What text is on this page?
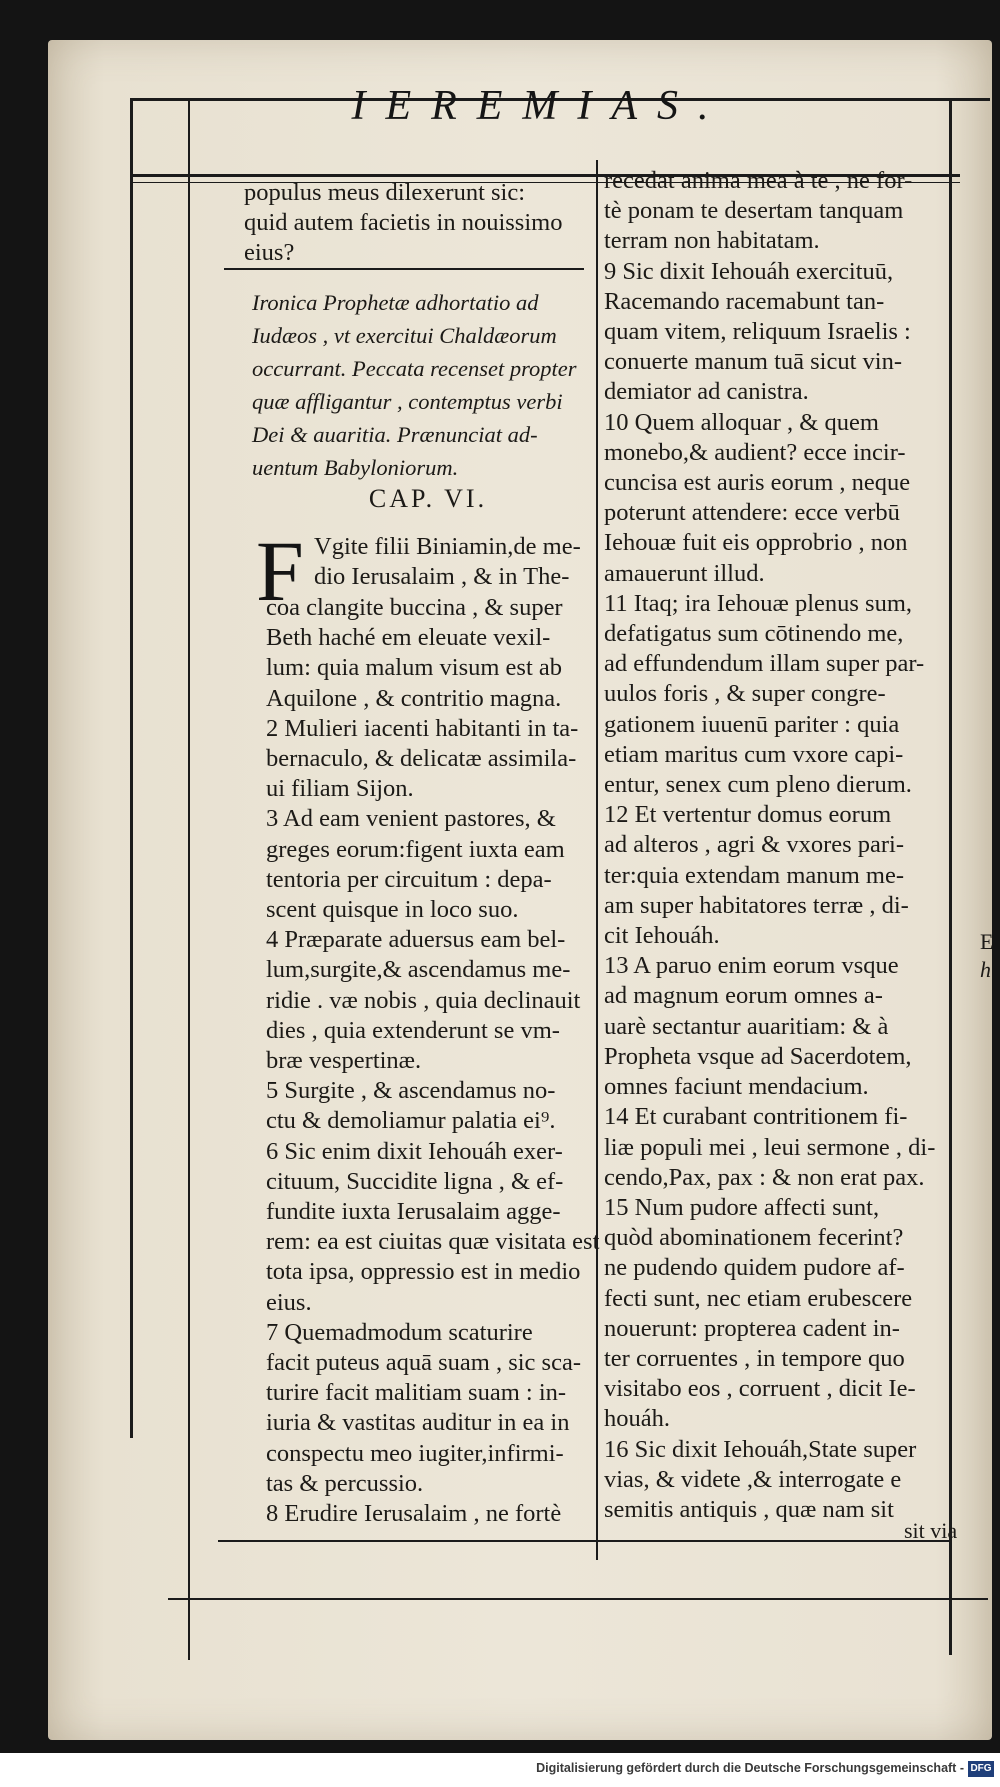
IEREMIAS.
populus meus dilexerunt sic:
quid autem facietis in nouissimo
eius?
Ironica Prophetæ adhortatio ad
Iudæos , vt exercitui Chaldæorum
occurrant. Peccata recenset propter
quæ affligantur , contemptus verbi
Dei & auaritia. Prænunciat ad-
uentum Babyloniorum.
CAP. VI.
F Vgite filii Biniamin,de me-
dio Ierusalaim , & in The-
coa clangite buccina , & super
Beth haché em eleuate vexil-
lum: quia malum visum est ab
Aquilone , & contritio magna.
2 Mulieri iacenti habitanti in ta-
bernaculo, & delicatæ assimila-
ui filiam Sijon.
3 Ad eam venient pastores, &
greges eorum:figent iuxta eam
tentoria per circuitum : depa-
scent quisque in loco suo.
4 Præparate aduersus eam bel-
lum,surgite,& ascendamus me-
ridie . væ nobis , quia declinauit
dies , quia extenderunt se vm-
bræ vespertinæ.
5 Surgite , & ascendamus no-
ctu & demoliamur palatia ei⁹.
6 Sic enim dixit Iehouáh exer-
cituum, Succidite ligna , & ef-
fundite iuxta Ierusalaim agge-
rem: ea est ciuitas quæ visitata est
tota ipsa, oppressio est in medio
eius.
7 Quemadmodum scaturire
facit puteus aquā suam , sic sca-
turire facit malitiam suam : in-
iuria & vastitas auditur in ea in
conspectu meo iugiter,infirmi-
tas & percussio.
8 Erudire Ierusalaim , ne fortè
recedat anima mea à te , ne for-
tè ponam te desertam tanquam
terram non habitatam.
9 Sic dixit Iehouáh exercituū,
Racemando racemabunt tan-
quam vitem, reliquum Israelis :
conuerte manum tuā sicut vin-
demiator ad canistra.
10 Quem alloquar , & quem
monebo,& audient? ecce incir-
cuncisa est auris eorum , neque
poterunt attendere: ecce verbū
Iehouæ fuit eis opprobrio , non
amauerunt illud.
11 Itaq; ira Iehouæ plenus sum,
defatigatus sum cōtinendo me,
ad effundendum illam super par-
uulos foris , & super congre-
gationem iuuenū pariter : quia
etiam maritus cum vxore capi-
entur, senex cum pleno dierum.
12 Et vertentur domus eorum
ad alteros , agri & vxores pari-
ter:quia extendam manum me-
am super habitatores terræ , di-
cit Iehouáh.
13 A paruo enim eorum vsque
ad magnum eorum omnes a-
uarè sectantur auaritiam: & à
Propheta vsque ad Sacerdotem,
omnes faciunt mendacium.
14 Et curabant contritionem fi-
liæ populi mei , leui sermone , di-
cendo,Pax, pax : & non erat pax.
15 Num pudore affecti sunt,
quòd abominationem fecerint?
ne pudendo quidem pudore af-
fecti sunt, nec etiam erubescere
nouerunt: propterea cadent in-
ter corruentes , in tempore quo
visitabo eos , corruent , dicit Ie-
houáh.
16 Sic dixit Iehouáh,State super
vias, & videte ,& interrogate e
semitis antiquis , quæ nam sit
sit via
E
h
Digitalisierung gefördert durch die Deutsche Forschungsgemeinschaft - DFG
